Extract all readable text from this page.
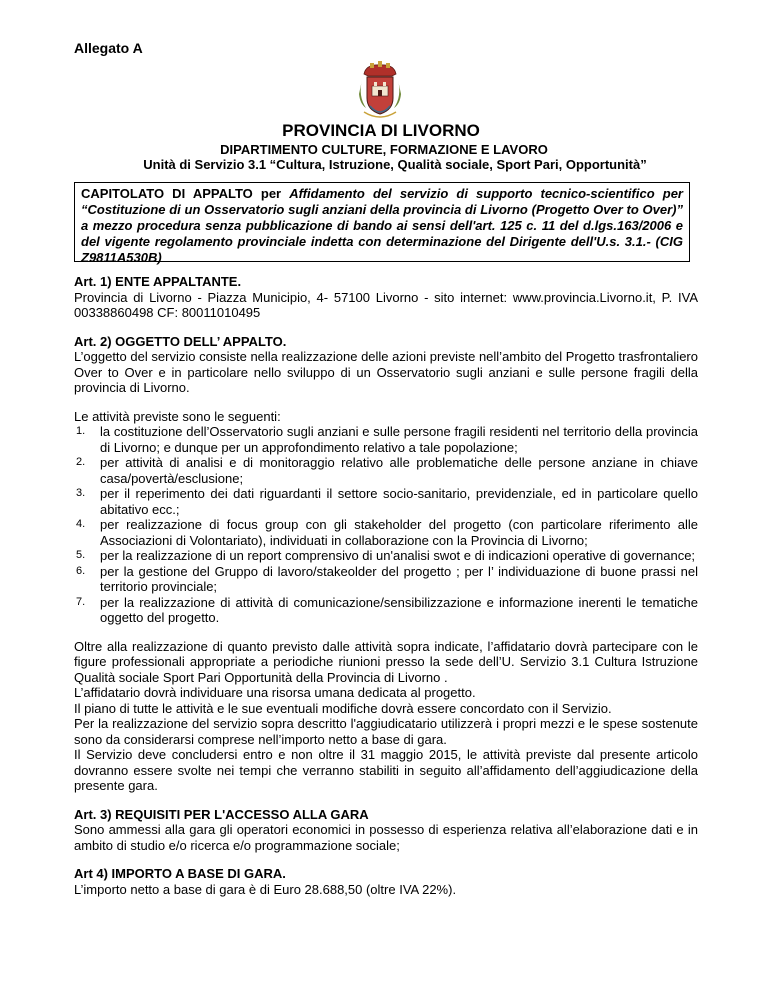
Allegato A
PROVINCIA DI LIVORNO
DIPARTIMENTO CULTURE, FORMAZIONE E LAVORO
Unità di Servizio 3.1 “Cultura, Istruzione, Qualità sociale, Sport Pari, Opportunità”
CAPITOLATO DI APPALTO per Affidamento del servizio di supporto tecnico-scientifico per “Costituzione di un Osservatorio sugli anziani della provincia di Livorno (Progetto Over to Over)” a mezzo procedura senza pubblicazione di bando ai sensi dell'art. 125 c. 11 del d.lgs.163/2006 e del vigente regolamento provinciale indetta con determinazione del Dirigente dell'U.s. 3.1.- (CIG Z9811A530B)
Art. 1) ENTE APPALTANTE.

Provincia di Livorno - Piazza Municipio, 4- 57100 Livorno - sito internet: www.provincia.Livorno.it, P. IVA 00338860498 CF: 80011010495

Art. 2) OGGETTO DELL’ APPALTO.

L’oggetto del servizio consiste nella realizzazione delle azioni previste nell’ambito del Progetto trasfrontaliero Over to Over e in particolare nello sviluppo di un Osservatorio sugli anziani e sulle persone fragili della provincia di Livorno.

Le attività previste sono le seguenti:

1. la costituzione dell’Osservatorio sugli anziani e sulle persone fragili residenti nel territorio della provincia di Livorno; e dunque per un approfondimento relativo a tale popolazione;
2. per attività di analisi e di monitoraggio relativo alle problematiche delle persone anziane in chiave casa/povertà/esclusione;
3. per il reperimento dei dati riguardanti il settore socio-sanitario, previdenziale, ed in particolare quello abitativo ecc.;
4. per realizzazione di focus group con gli stakeholder del progetto (con particolare riferimento alle Associazioni di Volontariato), individuati in collaborazione con la Provincia di Livorno;
5. per la realizzazione di un report comprensivo di un'analisi swot e di indicazioni operative di governance;
6. per la gestione del Gruppo di lavoro/stakeolder del progetto ; per l’ individuazione di buone prassi nel territorio provinciale;
7. per la realizzazione di attività di comunicazione/sensibilizzazione e informazione inerenti le tematiche oggetto del progetto.

Oltre alla realizzazione di quanto previsto dalle attività sopra indicate, l’affidatario dovrà partecipare con le figure professionali appropriate a periodiche riunioni presso la sede dell’U. Servizio 3.1 Cultura Istruzione Qualità sociale Sport Pari Opportunità della Provincia di Livorno .

L’affidatario dovrà individuare una risorsa umana dedicata al progetto.

Il piano di tutte le attività e le sue eventuali modifiche dovrà essere concordato con il Servizio.

Per la realizzazione del servizio sopra descritto l'aggiudicatario utilizzerà i propri mezzi e le spese sostenute sono da considerarsi comprese nell’importo netto a base di gara.

Il Servizio deve concludersi entro e non oltre il 31 maggio 2015, le attività previste dal presente articolo dovranno essere svolte nei tempi che verranno stabiliti in seguito all’affidamento dell’aggiudicazione della presente gara.

Art. 3) REQUISITI PER L'ACCESSO ALLA GARA

Sono ammessi alla gara gli operatori economici in possesso di esperienza relativa all’elaborazione dati e in ambito di studio e/o ricerca e/o programmazione sociale;

Art 4) IMPORTO A BASE DI GARA.

L’importo netto a base di gara è di Euro 28.688,50 (oltre IVA 22%).
